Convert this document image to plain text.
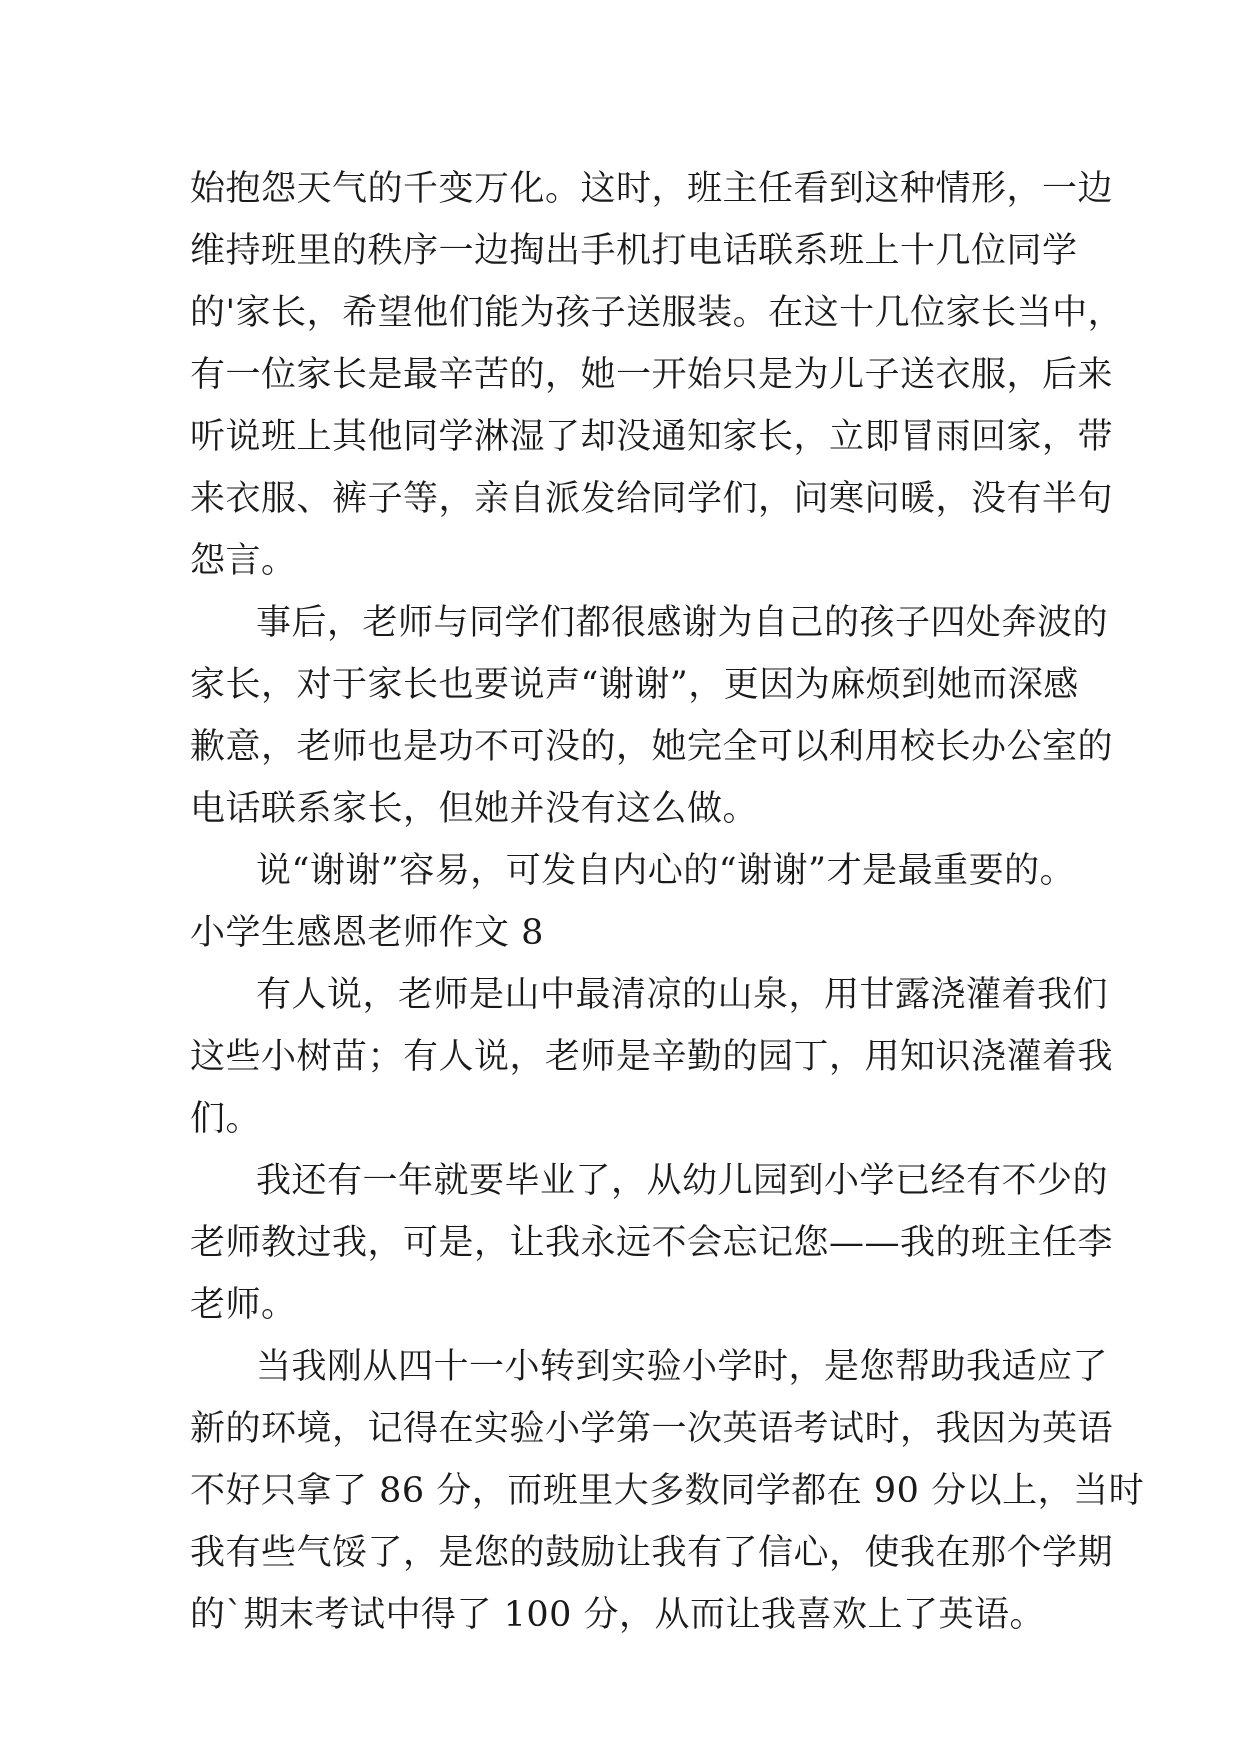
始抱怨天气的千变万化。这时，班主任看到这种情形，一边
维持班里的秩序一边掏出手机打电话联系班上十几位同学
的'家长，希望他们能为孩子送服装。在这十几位家长当中，
有一位家长是最辛苦的，她一开始只是为儿子送衣服，后来
听说班上其他同学淋湿了却没通知家长，立即冒雨回家，带
来衣服、裤子等，亲自派发给同学们，问寒问暖，没有半句
怨言。
事后，老师与同学们都很感谢为自己的孩子四处奔波的
家长，对于家长也要说声“谢谢”，更因为麻烦到她而深感
歉意，老师也是功不可没的，她完全可以利用校长办公室的
电话联系家长，但她并没有这么做。
说“谢谢”容易，可发自内心的“谢谢”才是最重要的。
小学生感恩老师作文 8
有人说，老师是山中最清凉的山泉，用甘露浇灌着我们
这些小树苗；有人说，老师是辛勤的园丁，用知识浇灌着我
们。
我还有一年就要毕业了，从幼儿园到小学已经有不少的
老师教过我，可是，让我永远不会忘记您——我的班主任李
老师。
当我刚从四十一小转到实验小学时，是您帮助我适应了
新的环境，记得在实验小学第一次英语考试时，我因为英语
不好只拿了 86 分，而班里大多数同学都在 90 分以上，当时
我有些气馁了，是您的鼓励让我有了信心，使我在那个学期
的`期末考试中得了 100 分，从而让我喜欢上了英语。
